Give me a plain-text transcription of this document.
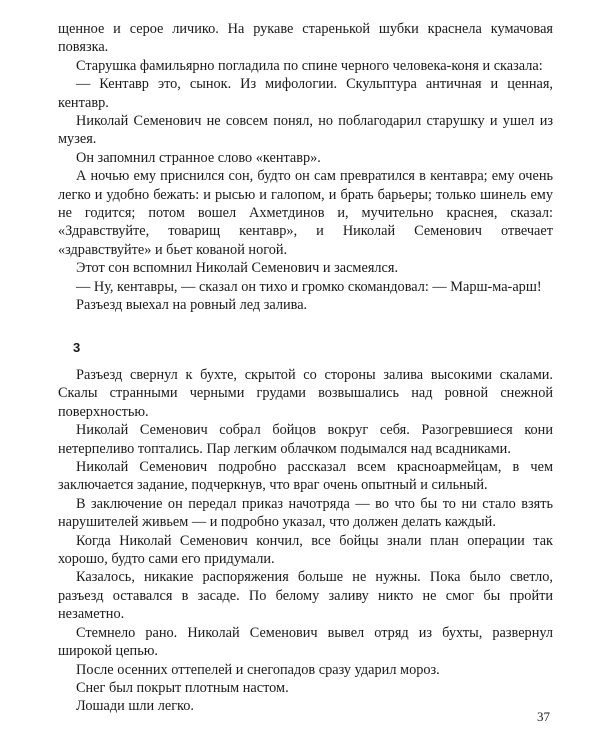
щенное и серое личико. На рукаве старенькой шубки краснела кумачовая повязка.

Старушка фамильярно погладила по спине черного человека-коня и сказала:

— Кентавр это, сынок. Из мифологии. Скульптура античная и ценная, кентавр.

Николай Семенович не совсем понял, но поблагодарил старушку и ушел из музея.

Он запомнил странное слово «кентавр».

А ночью ему приснился сон, будто он сам превратился в кентавра; ему очень легко и удобно бежать: и рысью и галопом, и брать барьеры; только шинель ему не годится; потом вошел Ахметдинов и, мучительно краснея, сказал: «Здравствуйте, товарищ кентавр», и Николай Семенович отвечает «здравствуйте» и бьет кованой ногой.

Этот сон вспомнил Николай Семенович и засмеялся.

— Ну, кентавры, — сказал он тихо и громко скомандовал: — Марш-ма-арш!

Разъезд выехал на ровный лед залива.

3

Разъезд свернул к бухте, скрытой со стороны залива высокими скалами. Скалы странными черными грудами возвышались над ровной снежной поверхностью.

Николай Семенович собрал бойцов вокруг себя. Разогревшиеся кони нетерпеливо топтались. Пар легким облачком подымался над всадниками.

Николай Семенович подробно рассказал всем красноармейцам, в чем заключается задание, подчеркнув, что враг очень опытный и сильный.

В заключение он передал приказ начотряда — во что бы то ни стало взять нарушителей живьем — и подробно указал, что должен делать каждый.

Когда Николай Семенович кончил, все бойцы знали план операции так хорошо, будто сами его придумали.

Казалось, никакие распоряжения больше не нужны. Пока было светло, разъезд оставался в засаде. По белому заливу никто не смог бы пройти незаметно.

Стемнело рано. Николай Семенович вывел отряд из бухты, развернул широкой цепью.

После осенних оттепелей и снегопадов сразу ударил мороз.

Снег был покрыт плотным настом.

Лошади шли легко.

37
